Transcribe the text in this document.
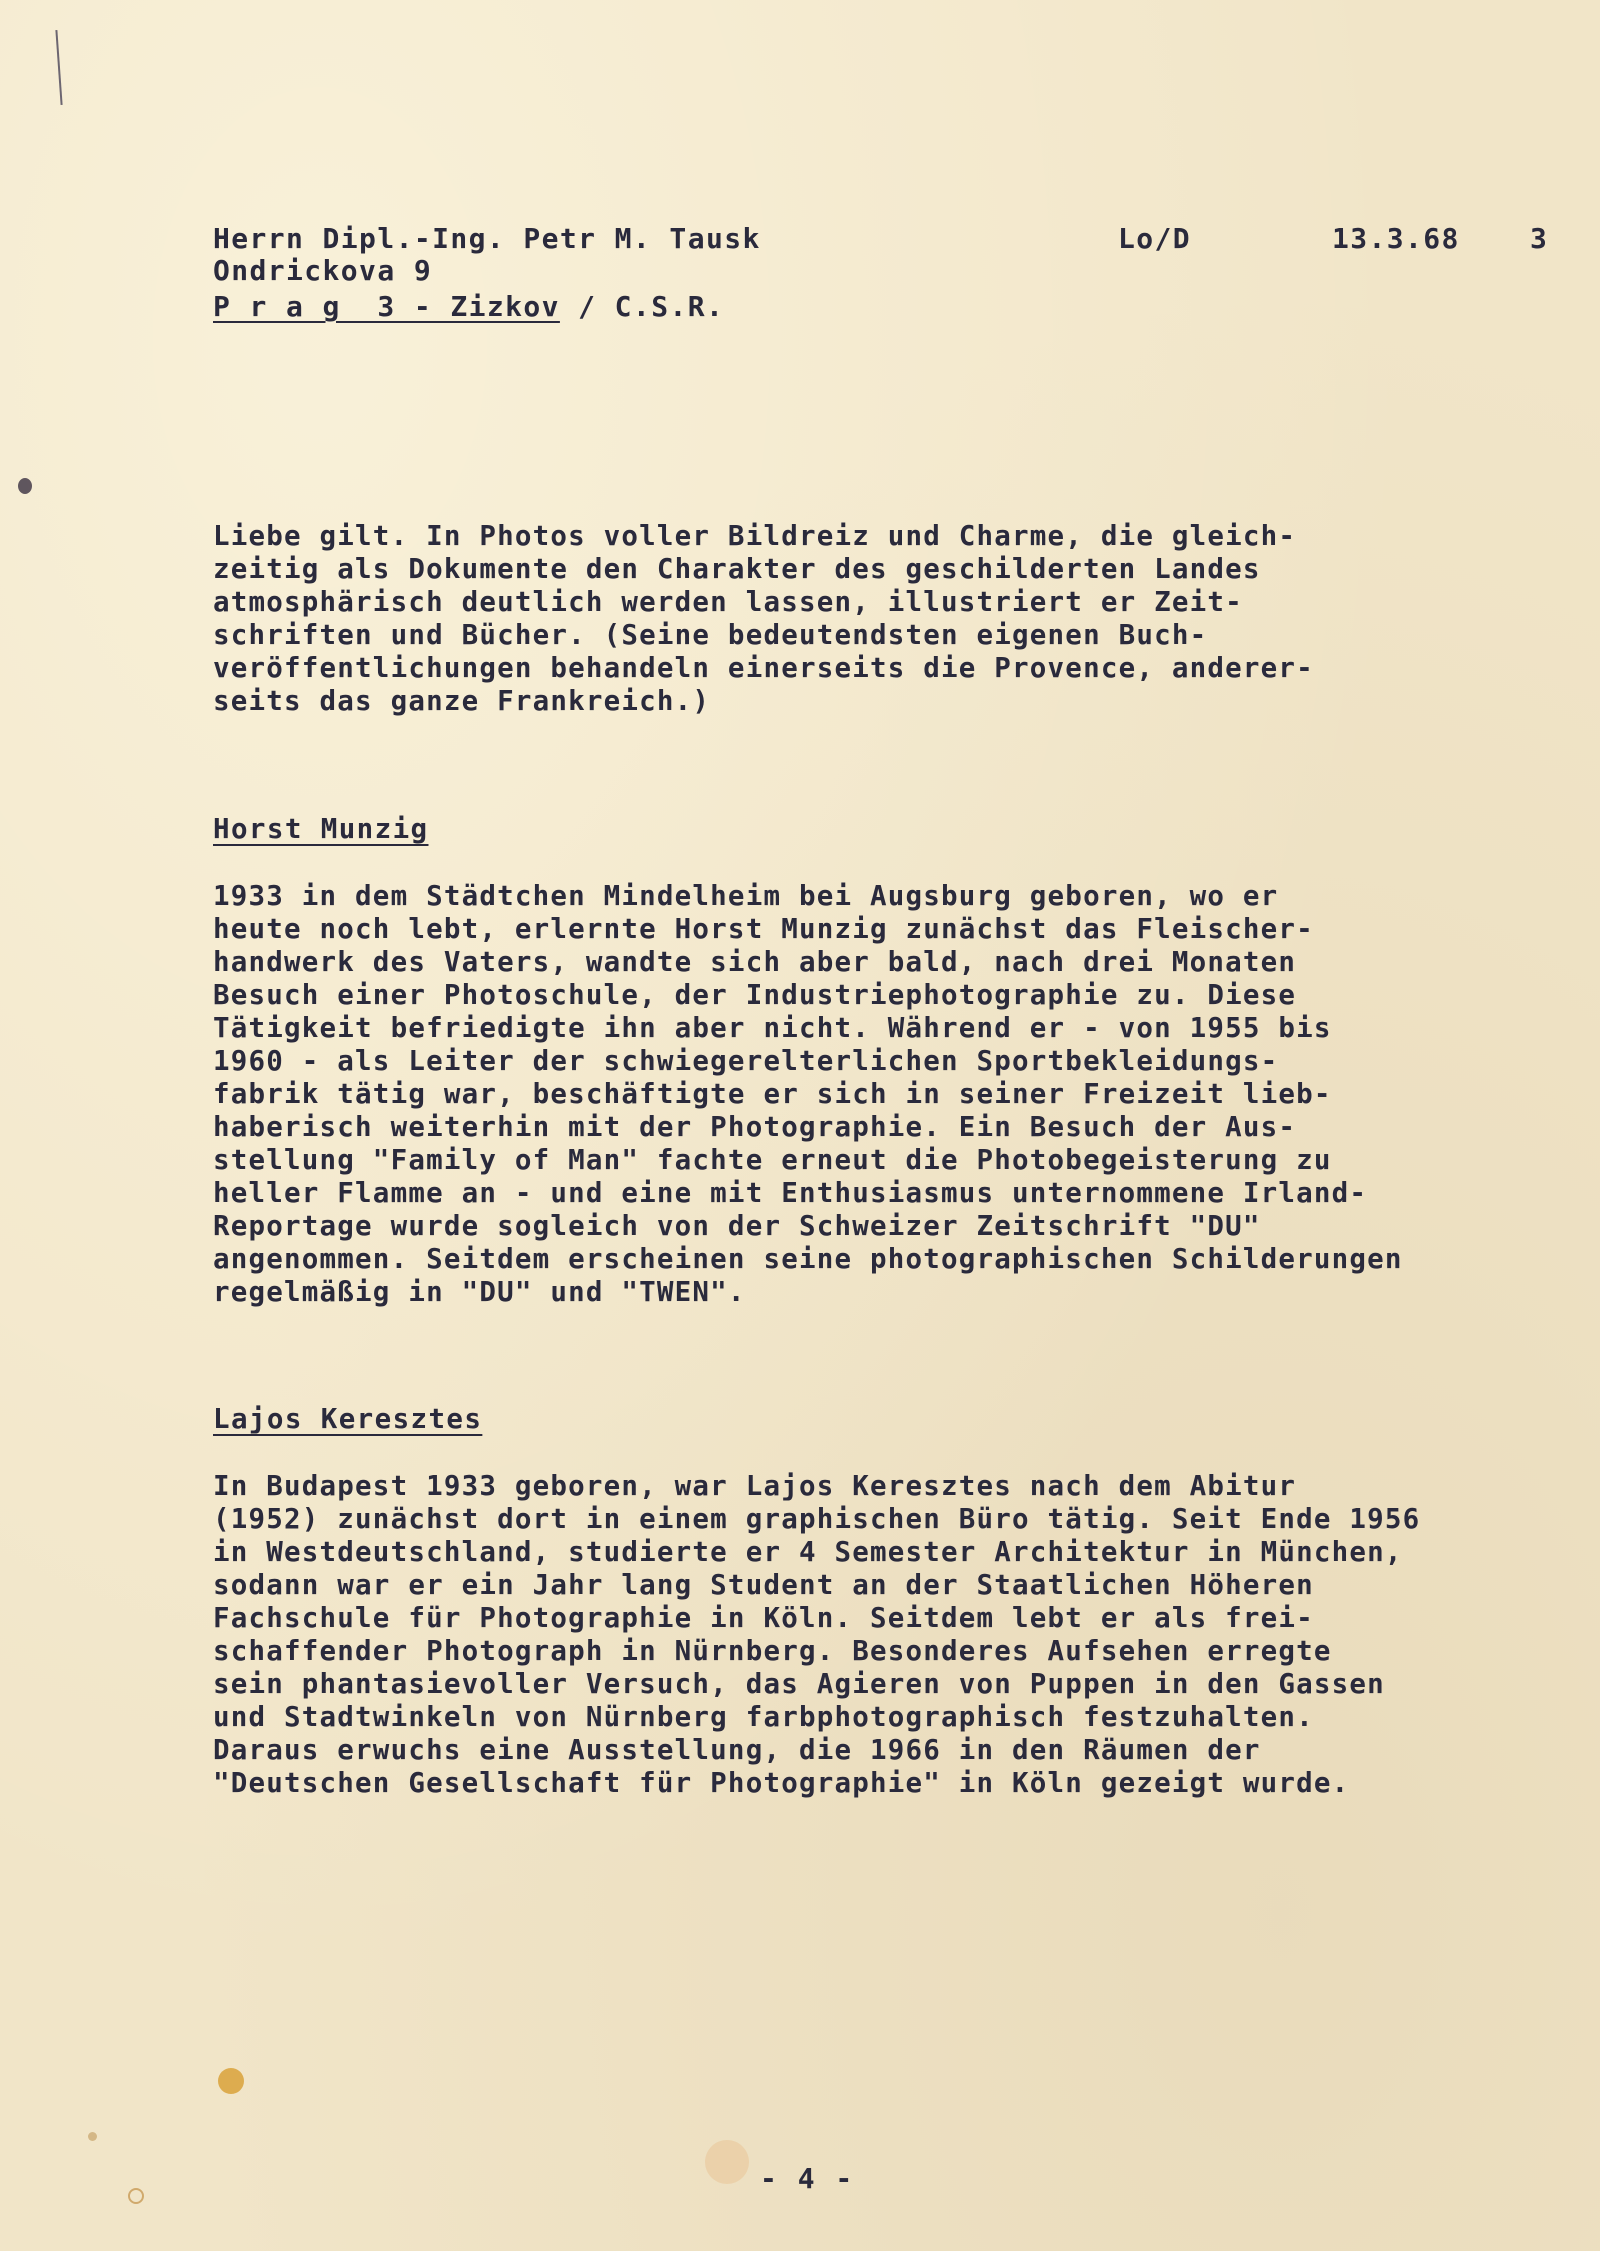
Herrn Dipl.-Ing. Petr M. Tausk
Ondrickova 9
P r a g  3 - Zizkov / C.S.R.
Lo/D	13.3.68	3
Liebe gilt. In Photos voller Bildreiz und Charme, die gleich-
zeitig als Dokumente den Charakter des geschilderten Landes
atmosphärisch deutlich werden lassen, illustriert er Zeit-
schriften und Bücher. (Seine bedeutendsten eigenen Buch-
veröffentlichungen behandeln einerseits die Provence, anderer-
seits das ganze Frankreich.)
Horst Munzig
1933 in dem Städtchen Mindelheim bei Augsburg geboren, wo er
heute noch lebt, erlernte Horst Munzig zunächst das Fleischer-
handwerk des Vaters, wandte sich aber bald, nach drei Monaten
Besuch einer Photoschule, der Industriephotographie zu. Diese
Tätigkeit befriedigte ihn aber nicht. Während er - von 1955 bis
1960 - als Leiter der schwiegerelterlichen Sportbekleidungs-
fabrik tätig war, beschäftigte er sich in seiner Freizeit lieb-
haberisch weiterhin mit der Photographie. Ein Besuch der Aus-
stellung "Family of Man" fachte erneut die Photobegeisterung zu
heller Flamme an - und eine mit Enthusiasmus unternommene Irland-
Reportage wurde sogleich von der Schweizer Zeitschrift "DU"
angenommen. Seitdem erscheinen seine photographischen Schilderungen
regelmäßig in "DU" und "TWEN".
Lajos Keresztes
In Budapest 1933 geboren, war Lajos Keresztes nach dem Abitur
(1952) zunächst dort in einem graphischen Büro tätig. Seit Ende 1956
in Westdeutschland, studierte er 4 Semester Architektur in München,
sodann war er ein Jahr lang Student an der Staatlichen Höheren
Fachschule für Photographie in Köln. Seitdem lebt er als frei-
schaffender Photograph in Nürnberg. Besonderes Aufsehen erregte
sein phantasievoller Versuch, das Agieren von Puppen in den Gassen
und Stadtwinkeln von Nürnberg farbphotographisch festzuhalten.
Daraus erwuchs eine Ausstellung, die 1966 in den Räumen der
"Deutschen Gesellschaft für Photographie" in Köln gezeigt wurde.
- 4 -
